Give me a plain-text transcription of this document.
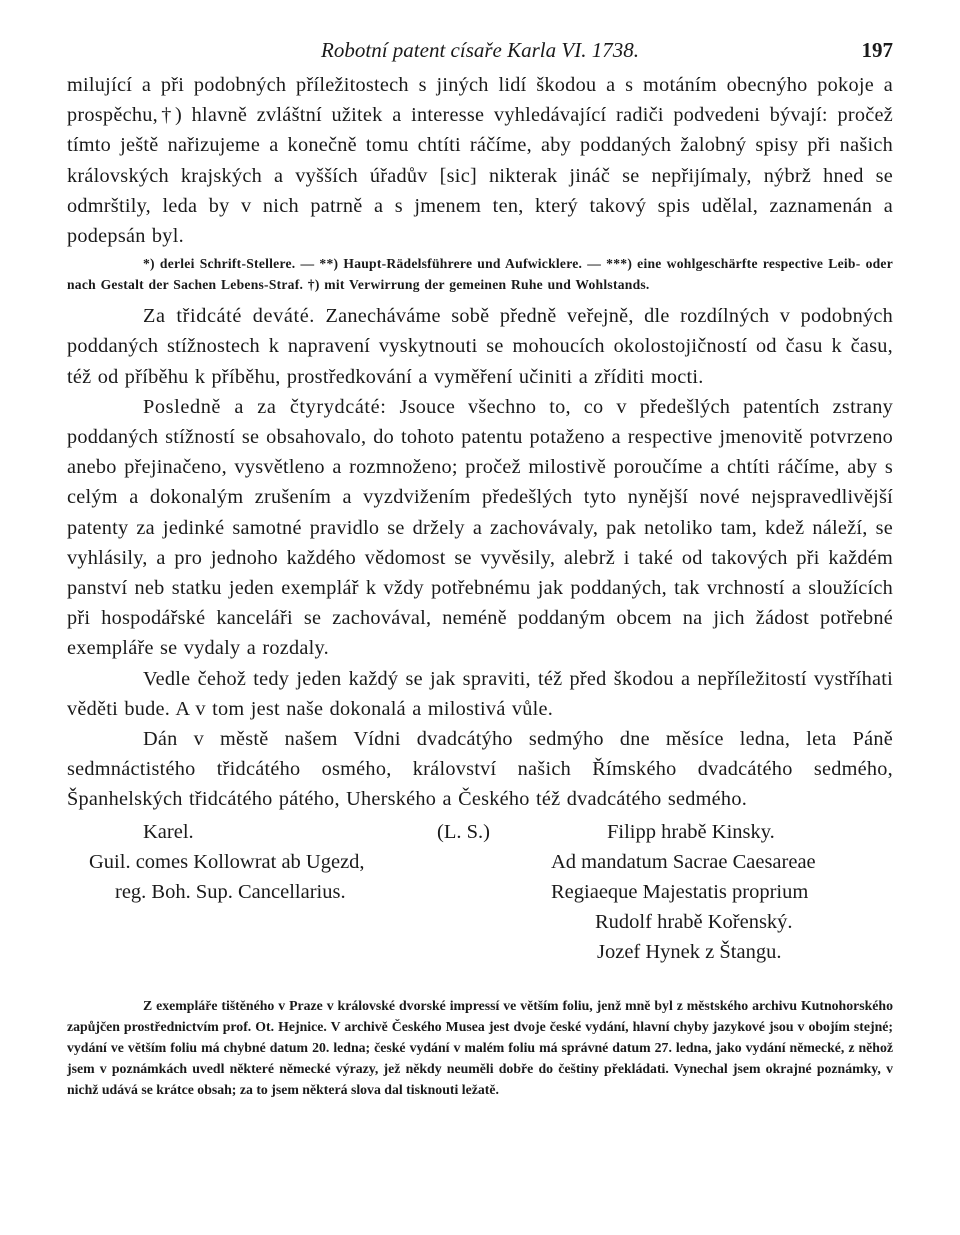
Robotní patent císaře Karla VI. 1738.	197

milující a při podobných příležitostech s jiných lidí škodou a s motáním obecnýho pokoje a prospěchu,†) hlavně zvláštní užitek a interesse vyhledávající radiči podvedeni bývají: pročež tímto ještě nařizujeme a konečně tomu chtíti ráčíme, aby poddaných žalobný spisy při našich královských krajských a vyšších úřadův [sic] nikterak jináč se nepřijímaly, nýbrž hned se odmrštily, leda by v nich patrně a s jmenem ten, který takový spis udělal, zaznamenán a podepsán byl.

*) derlei Schrift-Stellere. — **) Haupt-Rädelsführere und Aufwicklere. — ***) eine wohlgeschärfte respective Leib- oder nach Gestalt der Sachen Lebens-Straf. †) mit Verwirrung der gemeinen Ruhe und Wohlstands.

Za třidcáté deváté. Zanecháváme sobě předně veřejně, dle rozdílných v podobných poddaných stížnostech k napravení vyskytnouti se mohoucích okolostojičností od času k času, též od příběhu k příběhu, prostředkování a vyměření učiniti a zříditi mocti.

Posledně a za čtyrydcáté: Jsouce všechno to, co v předešlých patentích zstrany poddaných stížností se obsahovalo, do tohoto patentu potaženo a respective jmenovitě potvrzeno anebo přejinačeno, vysvětleno a rozmnoženo; pročež milostivě poroučíme a chtíti ráčíme, aby s celým a dokonalým zrušením a vyzdvižením předešlých tyto nynější nové nejspravedlivější patenty za jedinké samotné pravidlo se držely a zachovávaly, pak netoliko tam, kdež náleží, se vyhlásily, a pro jednoho každého vědomost se vyvěsily, alebrž i také od takových při každém panství neb statku jeden exemplář k vždy potřebnému jak poddaných, tak vrchností a sloužících při hospodářské kanceláři se zachovával, neméně poddaným obcem na jich žádost potřebné exempláře se vydaly a rozdaly.

Vedle čehož tedy jeden každý se jak spraviti, též před škodou a nepříležitostí vystříhati věděti bude. A v tom jest naše dokonalá a milostivá vůle.

Dán v městě našem Vídni dvadcátýho sedmýho dne měsíce ledna, leta Páně sedmnáctistého třidcátého osmého, království našich Římského dvadcátého sedmého, Španhelských třidcátého pátého, Uherského a Českého též dvadcátého sedmého.

Karel.
Guil. comes Kollowrat ab Ugezd,
reg. Boh. Sup. Cancellarius.
(L. S.)	Filipp hrabě Kinsky.
Ad mandatum Sacrae Caesareae
Regiaeque Majestatis proprium
Rudolf hrabě Kořenský.
Jozef Hynek z Štangu.

Z exempláře tištěného v Praze v královské dvorské impressí ve větším foliu, jenž mně byl z městského archivu Kutnohorského zapůjčen prostřednictvím prof. Ot. Hejnice. V archivě Českého Musea jest dvoje české vydání, hlavní chyby jazykové jsou v obojím stejné; vydání ve větším foliu má chybné datum 20. ledna; české vydání v malém foliu má správné datum 27. ledna, jako vydání německé, z něhož jsem v poznámkách uvedl některé německé výrazy, jež někdy neuměli dobře do češtiny překládati. Vynechal jsem okrajné poznámky, v nichž udává se krátce obsah; za to jsem některá slova dal tisknouti ležatě.
